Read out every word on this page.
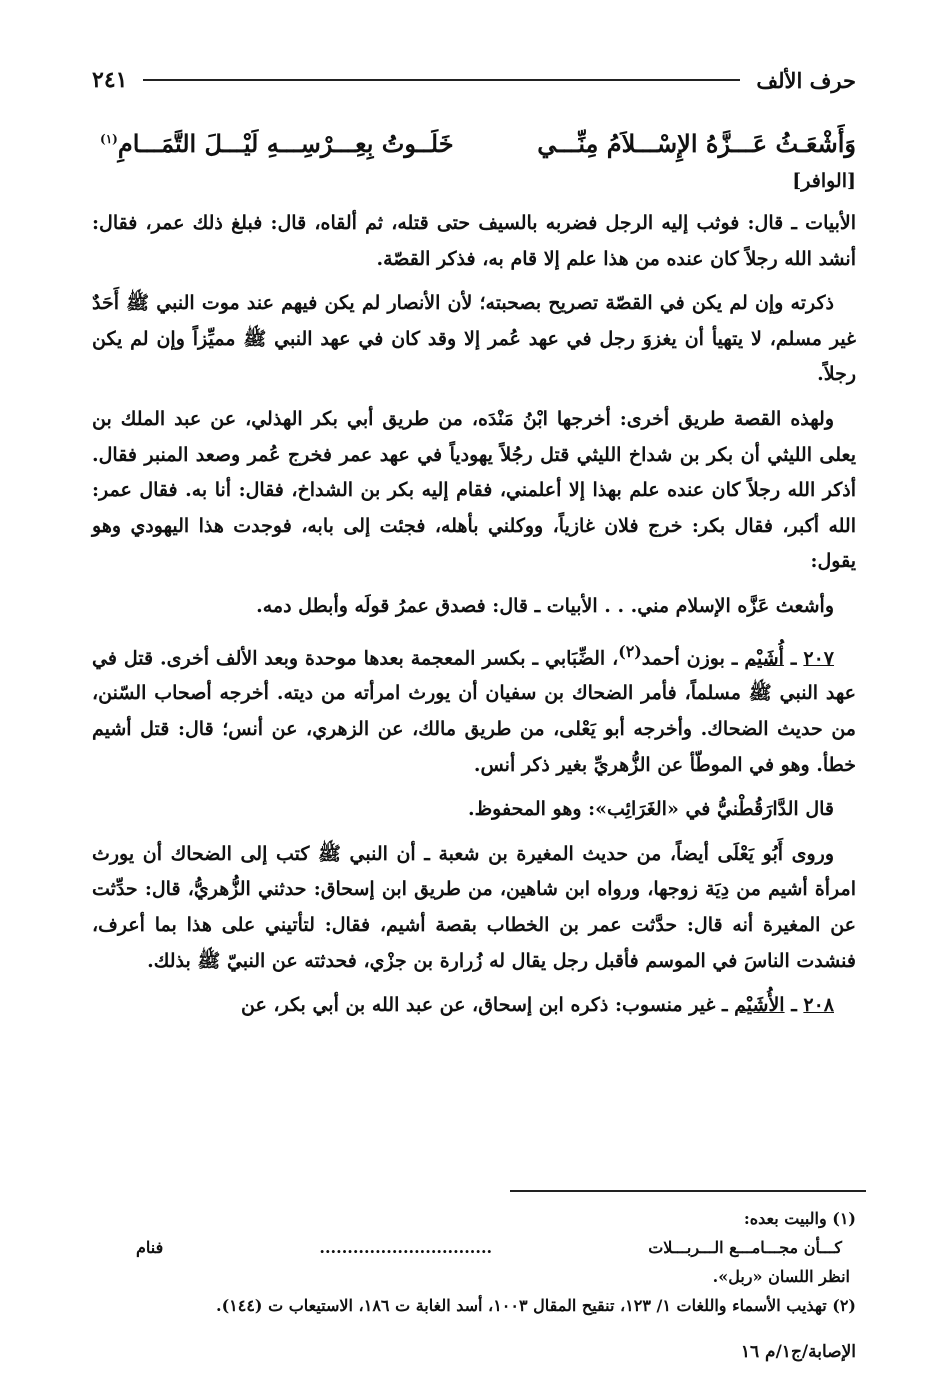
حرف الألف
٢٤١
وَأَشْعَـثُ عَـــزَّهُ الإِسْـــلاَمُ مِنِّـــي
خَلَــوتُ بِعِـــرْسِـــهِ لَيْـــلَ التَّمَـــامِ$^{(١)}$
[الوافر]

الأبيات ـ قال: فوثب إليه الرجل فضربه بالسيف حتى قتله، ثم ألقاه، قال: فبلغ ذلك عمر، فقال: أنشد الله رجلاً كان عنده من هذا علم إلا قام به، فذكر القصّة.

ذكرته وإن لم يكن في القصّة تصريح بصحبته؛ لأن الأنصار لم يكن فيهم عند موت النبي ﷺ أَحَدٌ غير مسلم، لا يتهيأ أن يغزوَ رجل في عهد عُمر إلا وقد كان في عهد النبي ﷺ مميِّزاً وإن لم يكن رجلاً.

ولهذه القصة طريق أخرى: أخرجها ابْنُ مَنْدَه، من طريق أبي بكر الهذلي، عن عبد الملك بن يعلى الليثي أن بكر بن شداخ الليثي قتل رجُلاً يهودياً في عهد عمر فخرج عُمر وصعد المنبر فقال. أذكر الله رجلاً كان عنده علم بهذا إلا أعلمني، فقام إليه بكر بن الشداخ، فقال: أنا به. فقال عمر: الله أكبر، فقال بكر: خرج فلان غازياً، ووكلني بأهله، فجئت إلى بابه، فوجدت هذا اليهودي وهو يقول:

وأشعث عَزَّه الإسلام مني. . . الأبيات ـ قال: فصدق عمرُ قولَه وأبطل دمه.

٢٠٧ ـ أُشَيْم ـ بوزن أحمد$^{(٢)}$، الضِّبَابي ـ بكسر المعجمة بعدها موحدة وبعد الألف أخرى. قتل في عهد النبي ﷺ مسلماً، فأمر الضحاك بن سفيان أن يورث امرأته من ديته. أخرجه أصحاب السّنن، من حديث الضحاك. وأخرجه أبو يَعْلى، من طريق مالك، عن الزهري، عن أنس؛ قال: قتل أشيم خطأ. وهو في الموطّأ عن الزُّهريِّ بغير ذكر أنس.

قال الدَّارَقُطْنيُّ في «الغَرَائِب»: وهو المحفوظ.

وروى أَبُو يَعْلَى أيضاً، من حديث المغيرة بن شعبة ـ أن النبي ﷺ كتب إلى الضحاك أن يورث امرأة أشيم من دِيَة زوجها، ورواه ابن شاهين، من طريق ابن إسحاق: حدثني الزُّهريُّ، قال: حدِّثت عن المغيرة أنه قال: حدَّثت عمر بن الخطاب بقصة أشيم، فقال: لتأتيني على هذا بما أعرف، فنشدت الناسَ في الموسم فأقبل رجل يقال له زُرارة بن جزْي، فحدثته عن النبيّ ﷺ بذلك.

٢٠٨ ـ الأُشَيْم ـ غير منسوب: ذكره ابن إسحاق، عن عبد الله بن أبي بكر، عن

(١) والبيت بعده:
كـــأن مجـــامـــع الـــربـــلات
...............................
فنام
انظر اللسان «ربل».
(٢) تهذيب الأسماء واللغات ١/ ١٢٣، تنقيح المقال ١٠٠٣، أسد الغابة ت ١٨٦، الاستيعاب ت (١٤٤).
الإصابة/ج١/م ١٦
